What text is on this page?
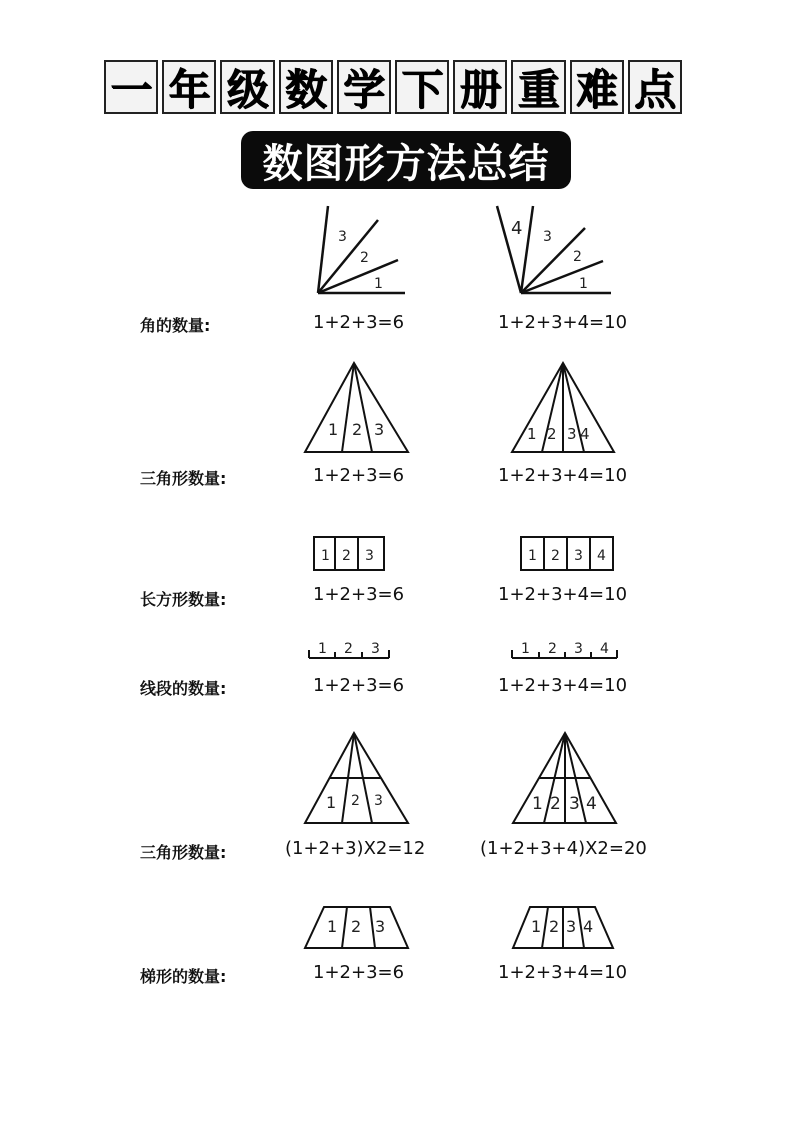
一 年 级 数 学 下 册 重 难 点
数图形方法总结
1
2
3
1
2
3
4
角的数量:	1+2+3=6	1+2+3+4=10
1 2 3	1 2 3 4
三角形数量:	1+2+3=6	1+2+3+4=10
1 2 3	1 2 3 4
长方形数量:	1+2+3=6	1+2+3+4=10
1 2 3	1 2 3 4
线段的数量:	1+2+3=6	1+2+3+4=10
1 2 3	1 2 3 4
三角形数量:	(1+2+3)X2=12	(1+2+3+4)X2=20
1 2 3	1 2 3 4
梯形的数量:	1+2+3=6	1+2+3+4=10
